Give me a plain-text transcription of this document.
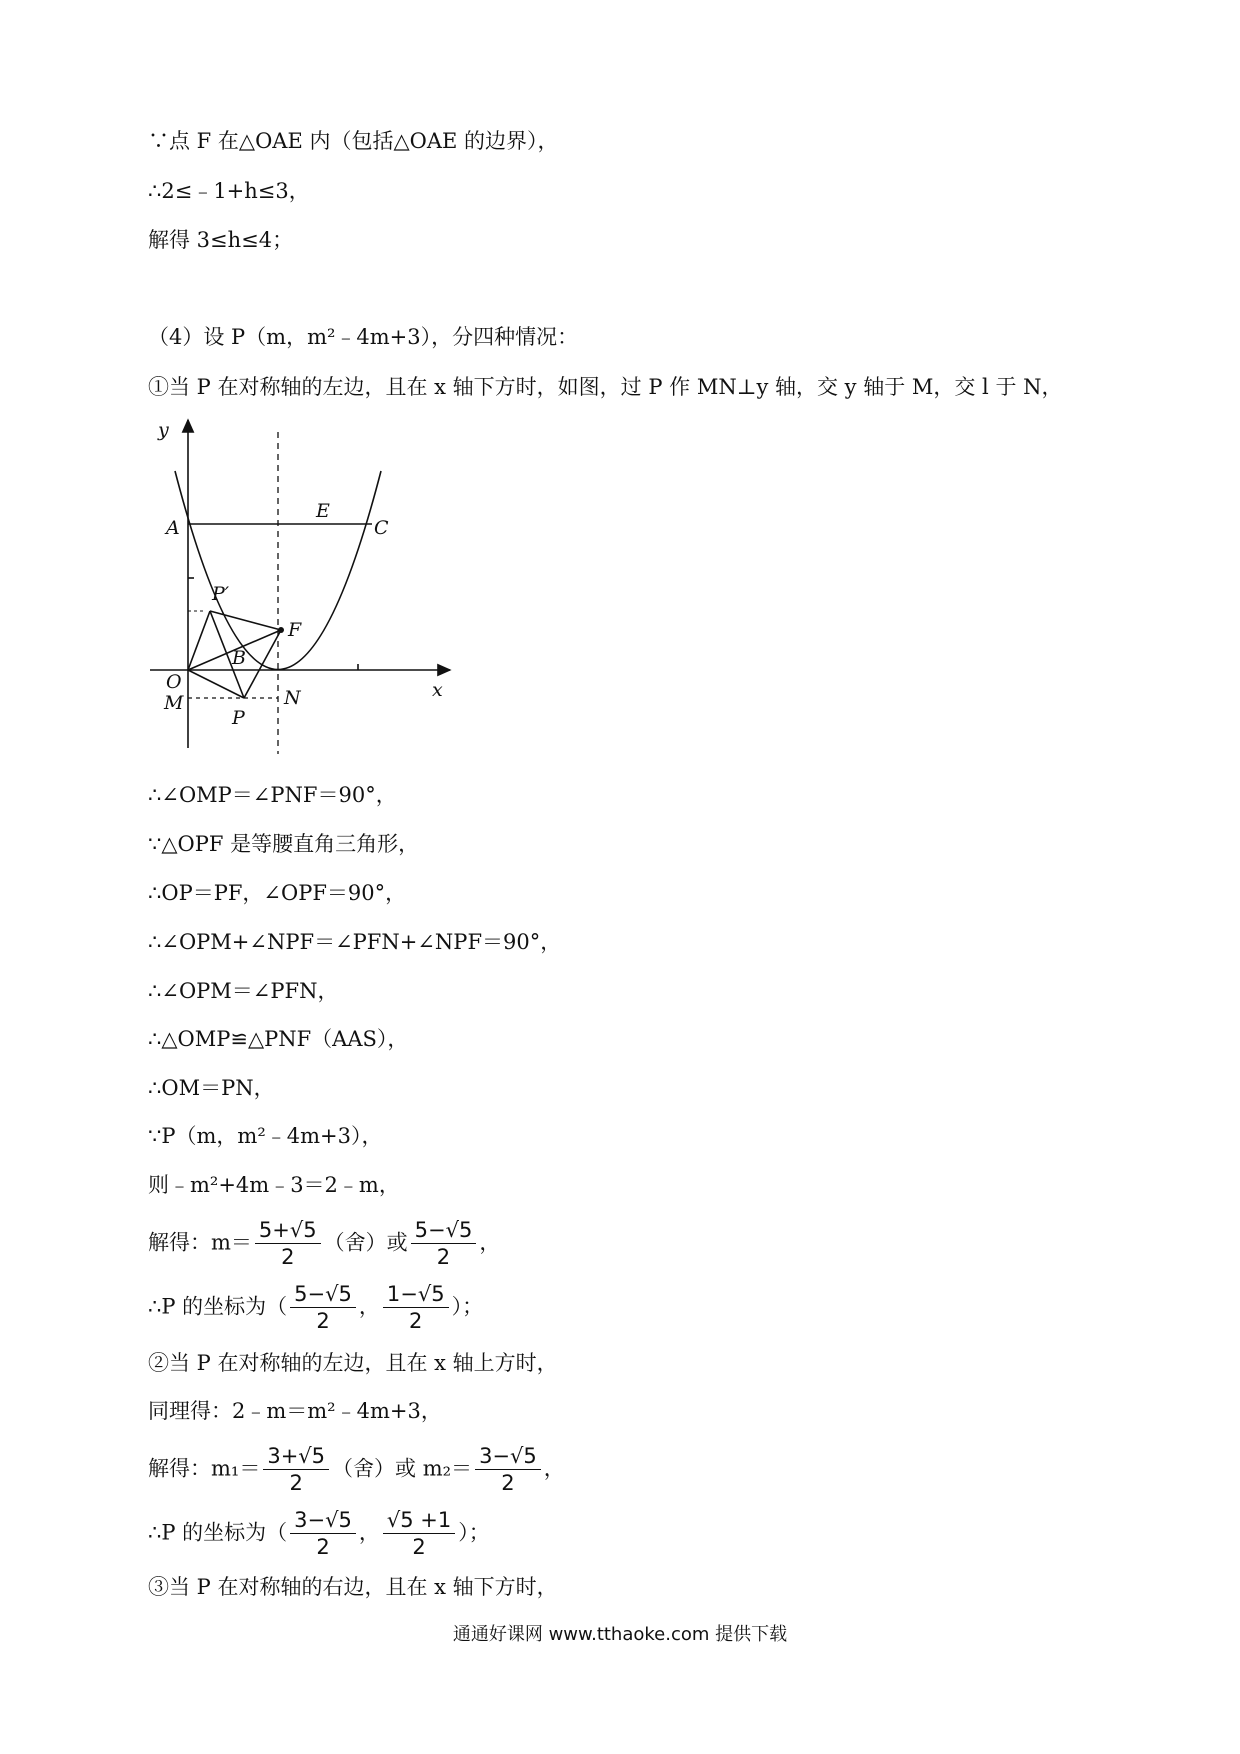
∵点 F 在△OAE 内（包括△OAE 的边界），
∴2≤﹣1+h≤3，
解得 3≤h≤4；
（4）设 P（m，m²﹣4m+3），分四种情况：
①当 P 在对称轴的左边，且在 x 轴下方时，如图，过 P 作 MN⊥y 轴，交 y 轴于 M，交 l 于 N，
y
x
A
E
C
P′
F
B
O
M	N
P
∴∠OMP＝∠PNF＝90°，
∵△OPF 是等腰直角三角形，
∴OP＝PF，∠OPF＝90°，
∴∠OPM+∠NPF＝∠PFN+∠NPF＝90°，
∴∠OPM＝∠PFN，
∴△OMP≌△PNF（AAS），
∴OM＝PN，
∵P（m，m²﹣4m+3），
则﹣m²+4m﹣3＝2﹣m，
解得：$m= \frac{5+√5}{2}$ （舍）或 $\frac{5-√5}{2}$ ，
∴P 的坐标为（ $\frac{5-√5}{2}$ ， $\frac{1-√5}{2}$ ）；
②当 P 在对称轴的左边，且在 x 轴上方时，
同理得：2﹣m＝m²﹣4m+3，
解得：$m_1= \frac{3+√5}{2}$ （舍）或 $m_2= \frac{3-√5}{2}$ ，
∴P 的坐标为（ $\frac{3-√5}{2}$ ， $\frac{√5 +1}{2}$ ）；
③当 P 在对称轴的右边，且在 x 轴下方时，
通通好课网 www.tthaoke.com 提供下载
